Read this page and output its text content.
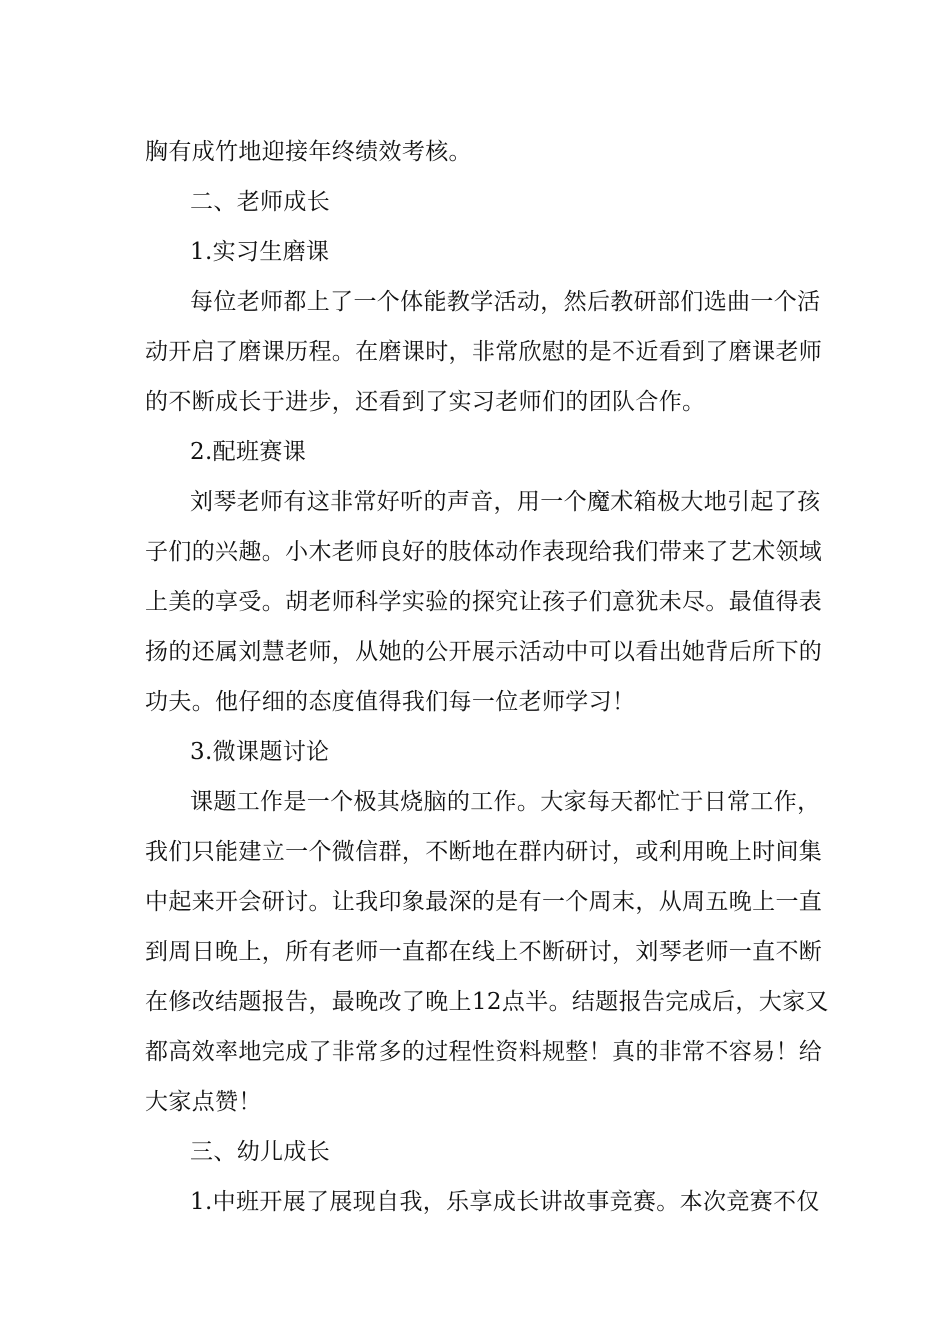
胸有成竹地迎接年终绩效考核。
二、老师成长
1.实习生磨课
每位老师都上了一个体能教学活动，然后教研部们选曲一个活
动开启了磨课历程。在磨课时，非常欣慰的是不近看到了磨课老师
的不断成长于进步，还看到了实习老师们的团队合作。
2.配班赛课
刘琴老师有这非常好听的声音，用一个魔术箱极大地引起了孩
子们的兴趣。小木老师良好的肢体动作表现给我们带来了艺术领域
上美的享受。胡老师科学实验的探究让孩子们意犹未尽。最值得表
扬的还属刘慧老师，从她的公开展示活动中可以看出她背后所下的
功夫。他仔细的态度值得我们每一位老师学习！
3.微课题讨论
课题工作是一个极其烧脑的工作。大家每天都忙于日常工作，
我们只能建立一个微信群，不断地在群内研讨，或利用晚上时间集
中起来开会研讨。让我印象最深的是有一个周末，从周五晚上一直
到周日晚上，所有老师一直都在线上不断研讨，刘琴老师一直不断
在修改结题报告，最晚改了晚上12点半。结题报告完成后，大家又
都高效率地完成了非常多的过程性资料规整！真的非常不容易！给
大家点赞！
三、幼儿成长
1.中班开展了展现自我，乐享成长讲故事竞赛。本次竞赛不仅
